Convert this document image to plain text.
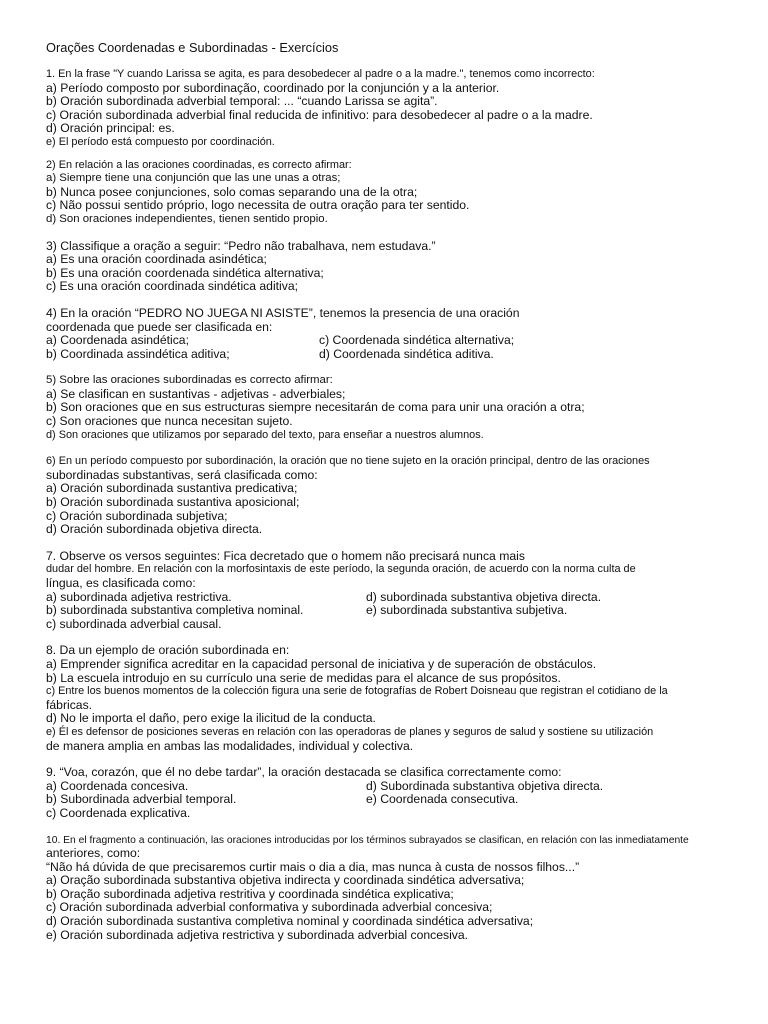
Orações Coordenadas e Subordinadas - Exercícios
1. En la frase "Y cuando Larissa se agita, es para desobedecer al padre o a la madre.", tenemos como incorrecto:
a) Período composto por subordinação, coordinado por la conjunción y a la anterior.
b) Oración subordinada adverbial temporal: ... “cuando Larissa se agita”.
c) Oración subordinada adverbial final reducida de infinitivo: para desobedecer al padre o a la madre.
d) Oración principal: es.
e) El período está compuesto por coordinación.
2) En relación a las oraciones coordinadas, es correcto afirmar:
a) Siempre tiene una conjunción que las une unas a otras;
b) Nunca posee conjunciones, solo comas separando una de la otra;
c) Não possui sentido próprio, logo necessita de outra oração para ter sentido.
d) Son oraciones independientes, tienen sentido propio.
3) Classifique a oração a seguir: “Pedro não trabalhava, nem estudava.”
a) Es una oración coordinada asindética;
b) Es una oración coordenada sindética alternativa;
c) Es una oración coordinada sindética aditiva;
4) En la oración “PEDRO NO JUEGA NI ASISTE”, tenemos la presencia de una oración
coordenada que puede ser clasificada en:
a) Coordenada asindética;
b) Coordinada assindética aditiva;
c) Coordenada sindética alternativa;
d) Coordenada sindética aditiva.
5) Sobre las oraciones subordinadas es correcto afirmar:
a) Se clasifican en sustantivas - adjetivas - adverbiales;
b) Son oraciones que en sus estructuras siempre necesitarán de coma para unir una oración a otra;
c) Son oraciones que nunca necesitan sujeto.
d) Son oraciones que utilizamos por separado del texto, para enseñar a nuestros alumnos.
6) En un período compuesto por subordinación, la oración que no tiene sujeto en la oración principal, dentro de las oraciones
subordinadas substantivas, será clasificada como:
a) Oración subordinada sustantiva predicativa;
b) Oración subordinada sustantiva aposicional;
c) Oración subordinada subjetiva;
d) Oración subordinada objetiva directa.
7. Observe os versos seguintes: Fica decretado que o homem não precisará nunca mais
dudar del hombre. En relación con la morfosintaxis de este período, la segunda oración, de acuerdo con la norma culta de
língua, es clasificada como:
a) subordinada adjetiva restrictiva.
b) subordinada substantiva completiva nominal.
c) subordinada adverbial causal.
d) subordinada substantiva objetiva directa.
e) subordinada substantiva subjetiva.
8. Da un ejemplo de oración subordinada en:
a) Emprender significa acreditar en la capacidad personal de iniciativa y de superación de obstáculos.
b) La escuela introdujo en su currículo una serie de medidas para el alcance de sus propósitos.
c) Entre los buenos momentos de la colección figura una serie de fotografías de Robert Doisneau que registran el cotidiano de la
fábricas.
d) No le importa el daño, pero exige la ilicitud de la conducta.
e) Él es defensor de posiciones severas en relación con las operadoras de planes y seguros de salud y sostiene su utilización
de manera amplia en ambas las modalidades, individual y colectiva.
9. “Voa, corazón, que él no debe tardar”, la oración destacada se clasifica correctamente como:
a) Coordenada concesiva.
b) Subordinada adverbial temporal.
c) Coordenada explicativa.
d) Subordinada substantiva objetiva directa.
e) Coordenada consecutiva.
10. En el fragmento a continuación, las oraciones introducidas por los términos subrayados se clasifican, en relación con las inmediatamente
anteriores, como:
“Não há dúvida de que precisaremos curtir mais o dia a dia, mas nunca à custa de nossos filhos...”
a) Oração subordinada substantiva objetiva indirecta y coordinada sindética adversativa;
b) Oração subordinada adjetiva restritiva y coordinada sindética explicativa;
c) Oración subordinada adverbial conformativa y subordinada adverbial concesiva;
d) Oración subordinada sustantiva completiva nominal y coordinada sindética adversativa;
e) Oración subordinada adjetiva restrictiva y subordinada adverbial concesiva.
